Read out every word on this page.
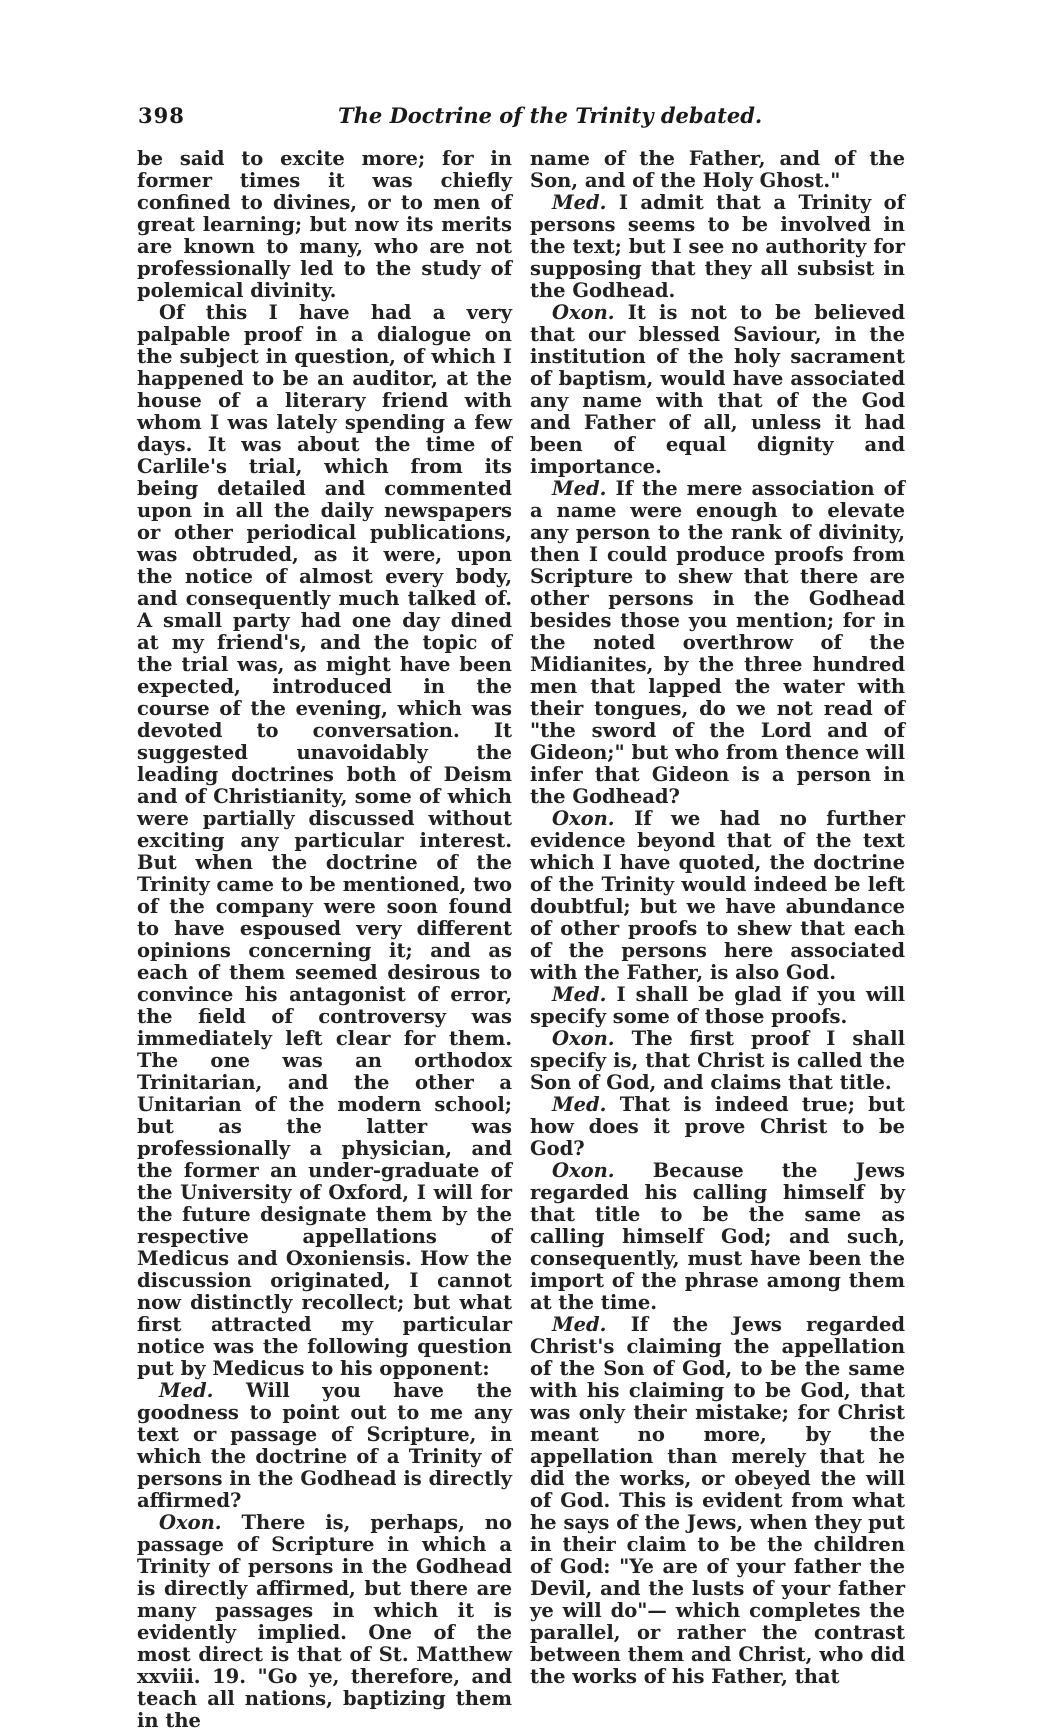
398	The Doctrine of the Trinity debated.

be said to excite more; for in former times it was chiefly confined to divines, or to men of great learning; but now its merits are known to many, who are not professionally led to the study of polemical divinity.

Of this I have had a very palpable proof in a dialogue on the subject in question, of which I happened to be an auditor, at the house of a literary friend with whom I was lately spending a few days. It was about the time of Carlile's trial, which from its being detailed and commented upon in all the daily newspapers or other periodical publications, was obtruded, as it were, upon the notice of almost every body, and consequently much talked of. A small party had one day dined at my friend's, and the topic of the trial was, as might have been expected, introduced in the course of the evening, which was devoted to conversation. It suggested unavoidably the leading doctrines both of Deism and of Christianity, some of which were partially discussed without exciting any particular interest. But when the doctrine of the Trinity came to be mentioned, two of the company were soon found to have espoused very different opinions concerning it; and as each of them seemed desirous to convince his antagonist of error, the field of controversy was immediately left clear for them. The one was an orthodox Trinitarian, and the other a Unitarian of the modern school; but as the latter was professionally a physician, and the former an under-graduate of the University of Oxford, I will for the future designate them by the respective appellations of Medicus and Oxoniensis. How the discussion originated, I cannot now distinctly recollect; but what first attracted my particular notice was the following question put by Medicus to his opponent:

Med. Will you have the goodness to point out to me any text or passage of Scripture, in which the doctrine of a Trinity of persons in the Godhead is directly affirmed?

Oxon. There is, perhaps, no passage of Scripture in which a Trinity of persons in the Godhead is directly affirmed, but there are many passages in which it is evidently implied. One of the most direct is that of St. Matthew xxviii. 19. "Go ye, therefore, and teach all nations, baptizing them in the

name of the Father, and of the Son, and of the Holy Ghost."

Med. I admit that a Trinity of persons seems to be involved in the text; but I see no authority for supposing that they all subsist in the Godhead.

Oxon. It is not to be believed that our blessed Saviour, in the institution of the holy sacrament of baptism, would have associated any name with that of the God and Father of all, unless it had been of equal dignity and importance.

Med. If the mere association of a name were enough to elevate any person to the rank of divinity, then I could produce proofs from Scripture to shew that there are other persons in the Godhead besides those you mention; for in the noted overthrow of the Midianites, by the three hundred men that lapped the water with their tongues, do we not read of "the sword of the Lord and of Gideon;" but who from thence will infer that Gideon is a person in the Godhead?

Oxon. If we had no further evidence beyond that of the text which I have quoted, the doctrine of the Trinity would indeed be left doubtful; but we have abundance of other proofs to shew that each of the persons here associated with the Father, is also God.

Med. I shall be glad if you will specify some of those proofs.

Oxon. The first proof I shall specify is, that Christ is called the Son of God, and claims that title.

Med. That is indeed true; but how does it prove Christ to be God?

Oxon. Because the Jews regarded his calling himself by that title to be the same as calling himself God; and such, consequently, must have been the import of the phrase among them at the time.

Med. If the Jews regarded Christ's claiming the appellation of the Son of God, to be the same with his claiming to be God, that was only their mistake; for Christ meant no more, by the appellation than merely that he did the works, or obeyed the will of God. This is evident from what he says of the Jews, when they put in their claim to be the children of God: "Ye are of your father the Devil, and the lusts of your father ye will do"— which completes the parallel, or rather the contrast between them and Christ, who did the works of his Father, that
